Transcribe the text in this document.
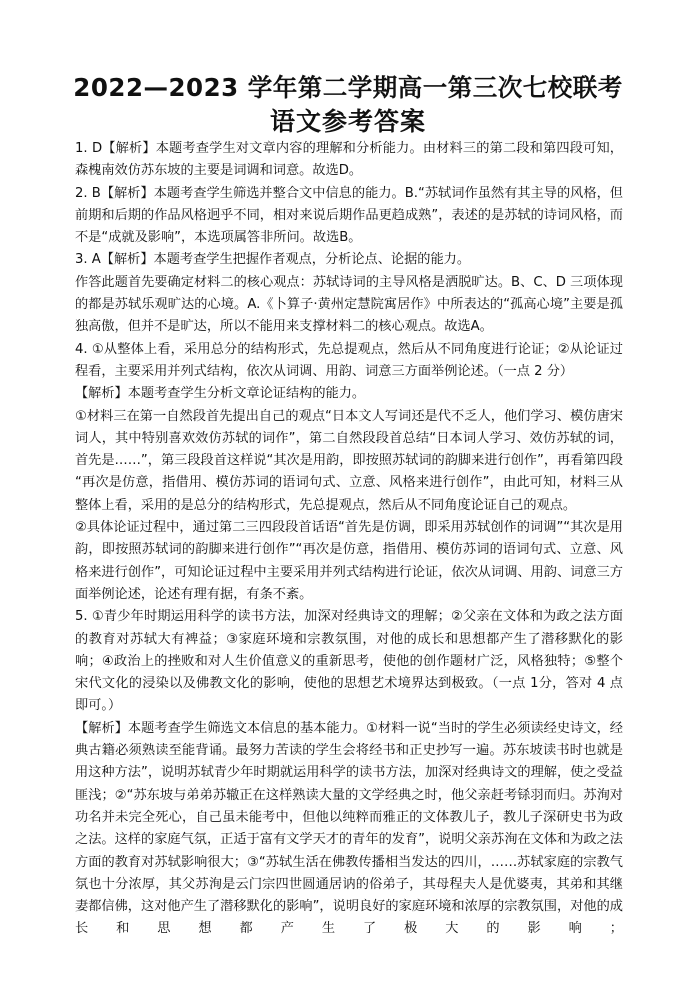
2022—2023 学年第二学期高一第三次七校联考
语文参考答案

1. D【解析】本题考查学生对文章内容的理解和分析能力。由材料三的第二段和第四段可知，森槐南效仿苏东坡的主要是词调和词意。故选D。

2. B【解析】本题考查学生筛选并整合文中信息的能力。B.“苏轼词作虽然有其主导的风格，但前期和后期的作品风格迥乎不同，相对来说后期作品更趋成熟”，表述的是苏轼的诗词风格，而不是“成就及影响”，本选项属答非所问。故选B。

3. A【解析】本题考查学生把握作者观点，分析论点、论据的能力。

作答此题首先要确定材料二的核心观点：苏轼诗词的主导风格是洒脱旷达。B、C、D 三项体现的都是苏轼乐观旷达的心境。A.《卜算子·黄州定慧院寓居作》中所表达的“孤高心境”主要是孤独高傲，但并不是旷达，所以不能用来支撑材料二的核心观点。故选A。

4. ①从整体上看，采用总分的结构形式，先总提观点，然后从不同角度进行论证；②从论证过程看，主要采用并列式结构，依次从词调、用韵、词意三方面举例论述。（一点 2 分）

【解析】本题考查学生分析文章论证结构的能力。

①材料三在第一自然段首先提出自己的观点“日本文人写词还是代不乏人，他们学习、模仿唐宋词人，其中特别喜欢效仿苏轼的词作”，第二自然段段首总结“日本词人学习、效仿苏轼的词，首先是……”，第三段段首这样说“其次是用韵，即按照苏轼词的韵脚来进行创作”，再看第四段 “再次是仿意，指借用、模仿苏词的语词句式、立意、风格来进行创作”，由此可知，材料三从整体上看，采用的是总分的结构形式，先总提观点，然后从不同角度论证自己的观点。

②具体论证过程中，通过第二三四段段首话语“首先是仿调，即采用苏轼创作的词调”“其次是用韵，即按照苏轼词的韵脚来进行创作”“再次是仿意，指借用、模仿苏词的语词句式、立意、风格来进行创作”，可知论证过程中主要采用并列式结构进行论证，依次从词调、用韵、词意三方面举例论述，论述有理有据，有条不紊。

5. ①青少年时期运用科学的读书方法，加深对经典诗文的理解；②父亲在文体和为政之法方面的教育对苏轼大有裨益；③家庭环境和宗教氛围，对他的成长和思想都产生了潜移默化的影响；④政治上的挫败和对人生价值意义的重新思考，使他的创作题材广泛，风格独特；⑤整个宋代文化的浸染以及佛教文化的影响，使他的思想艺术境界达到极致。（一点 1分，答对 4 点即可。）

【解析】本题考查学生筛选文本信息的基本能力。①材料一说“当时的学生必须读经史诗文，经典古籍必须熟读至能背诵。最努力苦读的学生会将经书和正史抄写一遍。苏东坡读书时也就是用这种方法”，说明苏轼青少年时期就运用科学的读书方法，加深对经典诗文的理解，使之受益匪浅；②“苏东坡与弟弟苏辙正在这样熟读大量的文学经典之时，他父亲赶考铩羽而归。苏洵对功名并未完全死心，自己虽未能考中，但他以纯粹而雅正的文体教儿子，教儿子深研史书为政之法。这样的家庭气氛，正适于富有文学天才的青年的发育”，说明父亲苏洵在文体和为政之法方面的教育对苏轼影响很大；③“苏轼生活在佛教传播相当发达的四川，……苏轼家庭的宗教气氛也十分浓厚，其父苏洵是云门宗四世圆通居讷的俗弟子，其母程夫人是优婆夷，其弟和其继妻都信佛，这对他产生了潜移默化的影响”，说明良好的家庭环境和浓厚的宗教氛围，对他的成长和思想都产生了极大的影响；
